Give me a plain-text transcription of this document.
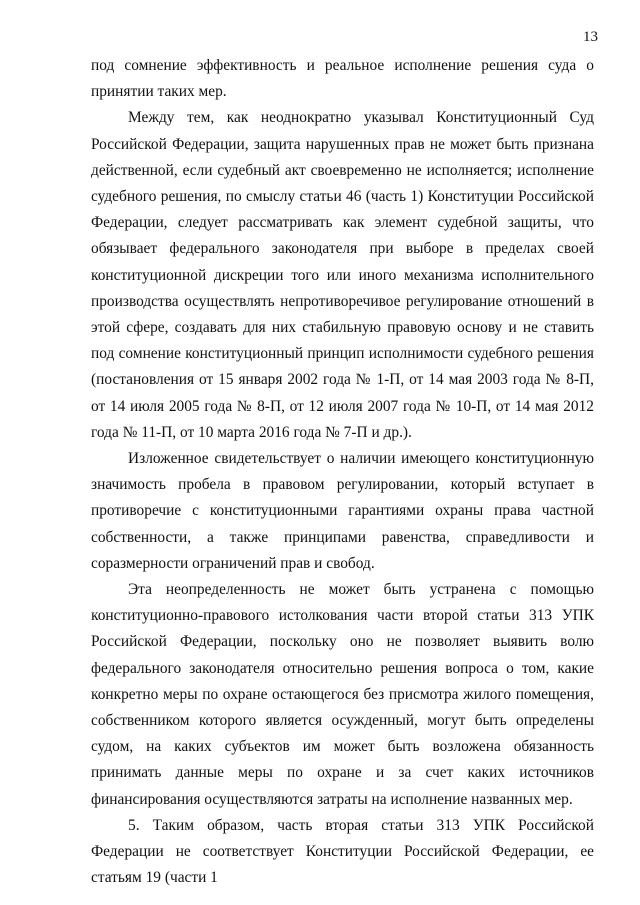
13

под сомнение эффективность и реальное исполнение решения суда о принятии таких мер.

Между тем, как неоднократно указывал Конституционный Суд Российской Федерации, защита нарушенных прав не может быть признана действенной, если судебный акт своевременно не исполняется; исполнение судебного решения, по смыслу статьи 46 (часть 1) Конституции Российской Федерации, следует рассматривать как элемент судебной защиты, что обязывает федерального законодателя при выборе в пределах своей конституционной дискреции того или иного механизма исполнительного производства осуществлять непротиворечивое регулирование отношений в этой сфере, создавать для них стабильную правовую основу и не ставить под сомнение конституционный принцип исполнимости судебного решения (постановления от 15 января 2002 года № 1-П, от 14 мая 2003 года № 8-П, от 14 июля 2005 года № 8-П, от 12 июля 2007 года № 10-П, от 14 мая 2012 года № 11-П, от 10 марта 2016 года № 7-П и др.).

Изложенное свидетельствует о наличии имеющего конституционную значимость пробела в правовом регулировании, который вступает в противоречие с конституционными гарантиями охраны права частной собственности, а также принципами равенства, справедливости и соразмерности ограничений прав и свобод.

Эта неопределенность не может быть устранена с помощью конституционно-правового истолкования части второй статьи 313 УПК Российской Федерации, поскольку оно не позволяет выявить волю федерального законодателя относительно решения вопроса о том, какие конкретно меры по охране остающегося без присмотра жилого помещения, собственником которого является осужденный, могут быть определены судом, на каких субъектов им может быть возложена обязанность принимать данные меры по охране и за счет каких источников финансирования осуществляются затраты на исполнение названных мер.

5. Таким образом, часть вторая статьи 313 УПК Российской Федерации не соответствует Конституции Российской Федерации, ее статьям 19 (части 1
